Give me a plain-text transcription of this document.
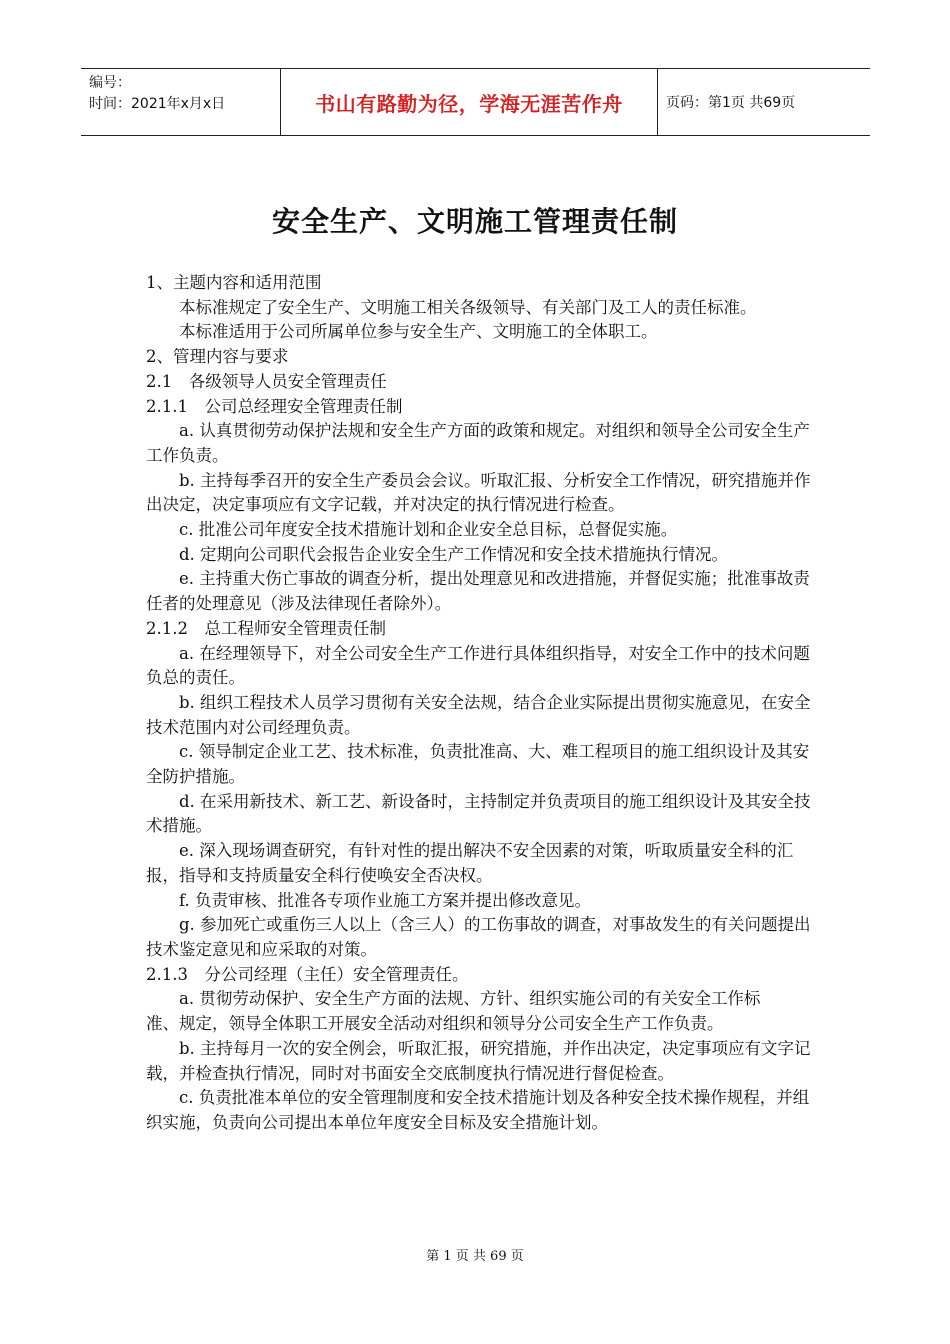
编号：
时间：2021年x月x日	书山有路勤为径，学海无涯苦作舟	页码：第1页 共69页
安全生产、文明施工管理责任制

1、主题内容和适用范围

本标准规定了安全生产、文明施工相关各级领导、有关部门及工人的责任标准。

本标准适用于公司所属单位参与安全生产、文明施工的全体职工。

2、管理内容与要求

2.1　各级领导人员安全管理责任

2.1.1　公司总经理安全管理责任制

a. 认真贯彻劳动保护法规和安全生产方面的政策和规定。对组织和领导全公司安全生产工作负责。

b. 主持每季召开的安全生产委员会会议。听取汇报、分析安全工作情况，研究措施并作出决定，决定事项应有文字记载，并对决定的执行情况进行检查。

c. 批准公司年度安全技术措施计划和企业安全总目标，总督促实施。

d. 定期向公司职代会报告企业安全生产工作情况和安全技术措施执行情况。

e. 主持重大伤亡事故的调查分析，提出处理意见和改进措施，并督促实施；批准事故责任者的处理意见（涉及法律现任者除外）。

2.1.2　总工程师安全管理责任制

a. 在经理领导下，对全公司安全生产工作进行具体组织指导，对安全工作中的技术问题负总的责任。

b. 组织工程技术人员学习贯彻有关安全法规，结合企业实际提出贯彻实施意见，在安全技术范围内对公司经理负责。

c. 领导制定企业工艺、技术标准，负责批准高、大、难工程项目的施工组织设计及其安全防护措施。

d. 在采用新技术、新工艺、新设备时，主持制定并负责项目的施工组织设计及其安全技术措施。

e. 深入现场调查研究，有针对性的提出解决不安全因素的对策，听取质量安全科的汇报，指导和支持质量安全科行使唤安全否决权。

f. 负责审核、批准各专项作业施工方案并提出修改意见。

g. 参加死亡或重伤三人以上（含三人）的工伤事故的调查，对事故发生的有关问题提出技术鉴定意见和应采取的对策。

2.1.3　分公司经理（主任）安全管理责任。

a. 贯彻劳动保护、安全生产方面的法规、方针、组织实施公司的有关安全工作标

准、规定，领导全体职工开展安全活动对组织和领导分公司安全生产工作负责。

b. 主持每月一次的安全例会，听取汇报，研究措施，并作出决定，决定事项应有文字记载，并检查执行情况，同时对书面安全交底制度执行情况进行督促检查。

c. 负责批准本单位的安全管理制度和安全技术措施计划及各种安全技术操作规程，并组织实施，负责向公司提出本单位年度安全目标及安全措施计划。

第 1 页 共 69 页
